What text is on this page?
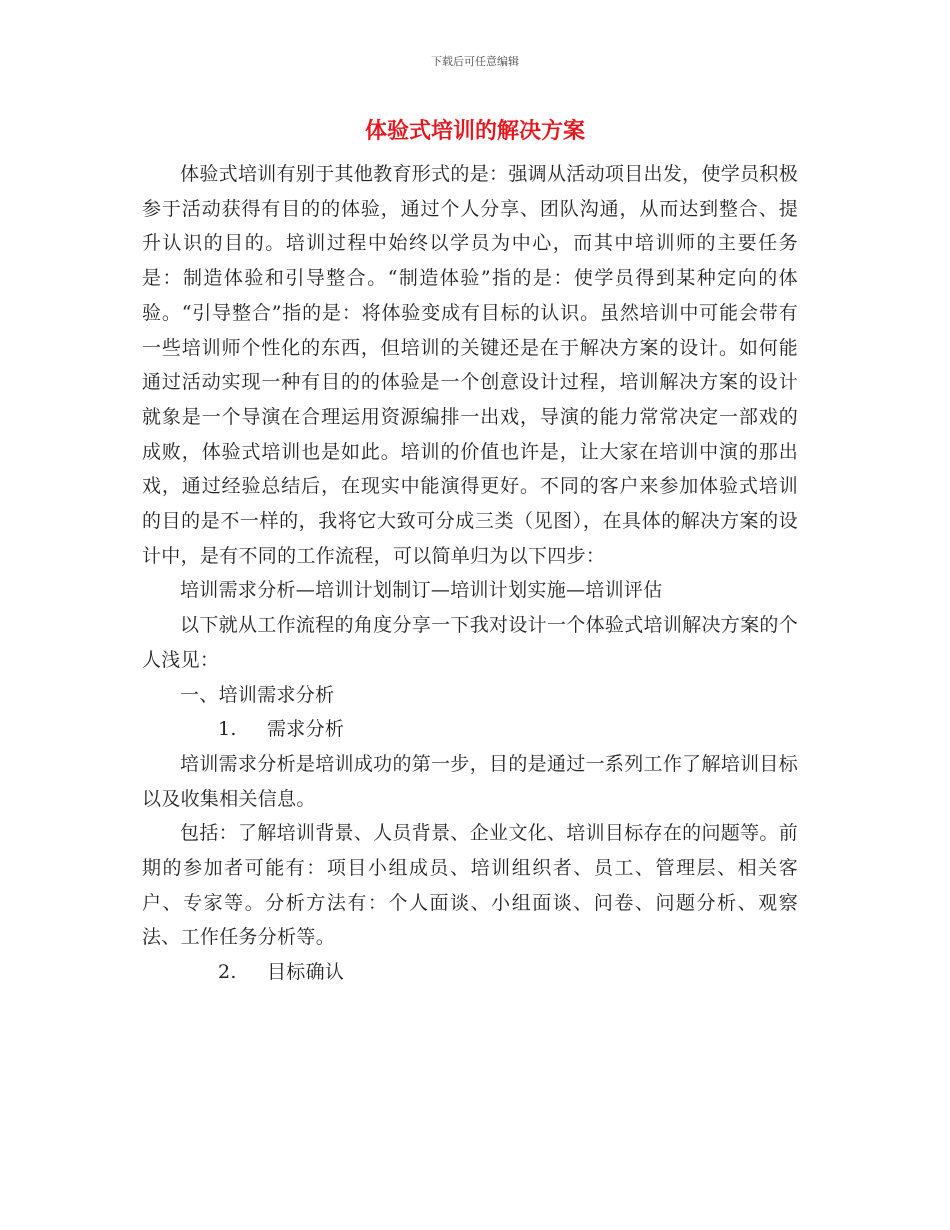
下载后可任意编辑
体验式培训的解决方案

体验式培训有别于其他教育形式的是：强调从活动项目出发，使学员积极参于活动获得有目的的体验，通过个人分享、团队沟通，从而达到整合、提升认识的目的。培训过程中始终以学员为中心，而其中培训师的主要任务是：制造体验和引导整合。“制造体验”指的是：使学员得到某种定向的体验。“引导整合”指的是：将体验变成有目标的认识。虽然培训中可能会带有一些培训师个性化的东西，但培训的关键还是在于解决方案的设计。如何能通过活动实现一种有目的的体验是一个创意设计过程，培训解决方案的设计就象是一个导演在合理运用资源编排一出戏，导演的能力常常决定一部戏的成败，体验式培训也是如此。培训的价值也许是，让大家在培训中演的那出戏，通过经验总结后，在现实中能演得更好。不同的客户来参加体验式培训的目的是不一样的，我将它大致可分成三类（见图），在具体的解决方案的设计中，是有不同的工作流程，可以简单归为以下四步：

培训需求分析—培训计划制订—培训计划实施—培训评估

以下就从工作流程的角度分享一下我对设计一个体验式培训解决方案的个人浅见：

一、培训需求分析

1. 需求分析

培训需求分析是培训成功的第一步，目的是通过一系列工作了解培训目标以及收集相关信息。

包括：了解培训背景、人员背景、企业文化、培训目标存在的问题等。前期的参加者可能有：项目小组成员、培训组织者、员工、管理层、相关客户、专家等。分析方法有：个人面谈、小组面谈、问卷、问题分析、观察法、工作任务分析等。

2. 目标确认
